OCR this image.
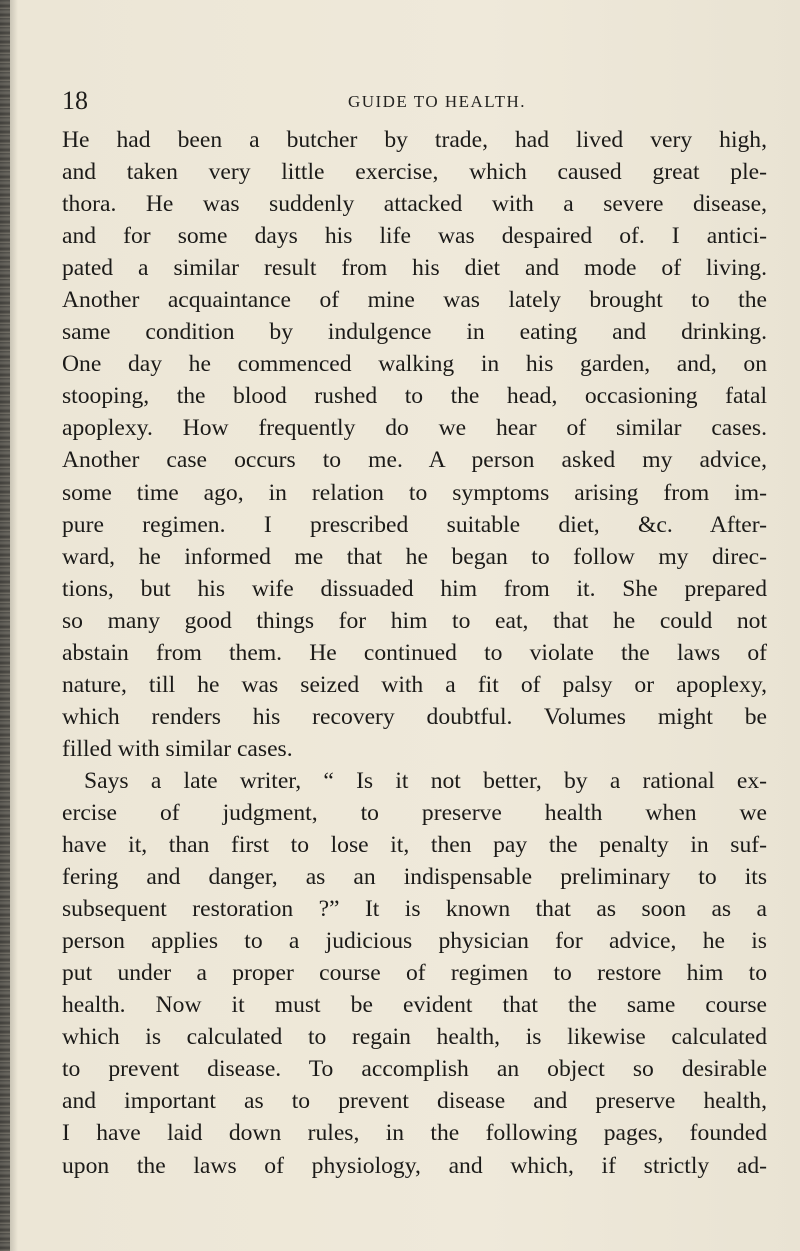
18	GUIDE TO HEALTH.
He had been a butcher by trade, had lived very high,
and taken very little exercise, which caused great ple-
thora. He was suddenly attacked with a severe disease,
and for some days his life was despaired of. I antici-
pated a similar result from his diet and mode of living.
Another acquaintance of mine was lately brought to the
same condition by indulgence in eating and drinking.
One day he commenced walking in his garden, and, on
stooping, the blood rushed to the head, occasioning fatal
apoplexy. How frequently do we hear of similar cases.
Another case occurs to me. A person asked my advice,
some time ago, in relation to symptoms arising from im-
pure regimen. I prescribed suitable diet, &c. After-
ward, he informed me that he began to follow my direc-
tions, but his wife dissuaded him from it. She prepared
so many good things for him to eat, that he could not
abstain from them. He continued to violate the laws of
nature, till he was seized with a fit of palsy or apoplexy,
which renders his recovery doubtful. Volumes might be
filled with similar cases.
Says a late writer, “ Is it not better, by a rational ex-
ercise of judgment, to preserve health when we
have it, than first to lose it, then pay the penalty in suf-
fering and danger, as an indispensable preliminary to its
subsequent restoration ?” It is known that as soon as a
person applies to a judicious physician for advice, he is
put under a proper course of regimen to restore him to
health. Now it must be evident that the same course
which is calculated to regain health, is likewise calculated
to prevent disease. To accomplish an object so desirable
and important as to prevent disease and preserve health,
I have laid down rules, in the following pages, founded
upon the laws of physiology, and which, if strictly ad-
